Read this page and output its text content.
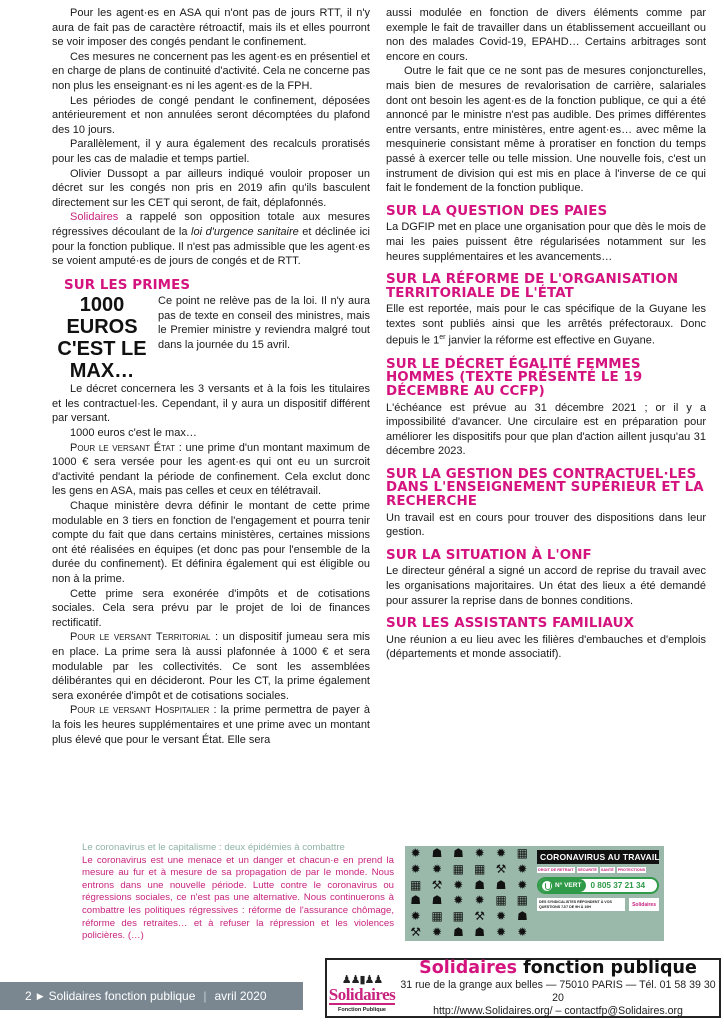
Pour les agent·es en ASA qui n'ont pas de jours RTT, il n'y aura de fait pas de caractère rétroactif, mais ils et elles pourront se voir imposer des congés pendant le confinement.

Ces mesures ne concernent pas les agent·es en présentiel et en charge de plans de continuité d'activité. Cela ne concerne pas non plus les enseignant·es ni les agent·es de la FPH.

Les périodes de congé pendant le confinement, déposées antérieurement et non annulées seront décomptées du plafond des 10 jours.

Parallèlement, il y aura également des recalculs proratisés pour les cas de maladie et temps partiel.

Olivier Dussopt a par ailleurs indiqué vouloir proposer un décret sur les congés non pris en 2019 afin qu'ils basculent directement sur les CET qui seront, de fait, déplafonnés.

Solidaires a rappelé son opposition totale aux mesures régressives découlant de la loi d'urgence sanitaire et déclinée ici pour la fonction publique. Il n'est pas admissible que les agent·es se voient amputé·es de jours de congés et de RTT.

SUR LES PRIMES
1000 EUROS C'EST LE MAX…
Ce point ne relève pas de la loi. Il n'y aura pas de texte en conseil des ministres, mais le Premier ministre y reviendra malgré tout dans la journée du 15 avril.

Le décret concernera les 3 versants et à la fois les titulaires et les contractuel·les. Cependant, il y aura un dispositif différent par versant.

1000 euros c'est le max…

Pour le versant État : une prime d'un montant maximum de 1000 € sera versée pour les agent·es qui ont eu un surcroit d'activité pendant la période de confinement. Cela exclut donc les gens en ASA, mais pas celles et ceux en télétravail.

Chaque ministère devra définir le montant de cette prime modulable en 3 tiers en fonction de l'engagement et pourra tenir compte du fait que dans certains ministères, certaines missions ont été réalisées en équipes (et donc pas pour l'ensemble de la durée du confinement). Et définira également qui est éligible ou non à la prime.

Cette prime sera exonérée d'impôts et de cotisations sociales. Cela sera prévu par le projet de loi de finances rectificatif.

Pour le versant Territorial : un dispositif jumeau sera mis en place. La prime sera là aussi plafonnée à 1000 € et sera modulable par les collectivités. Ce sont les assemblées délibérantes qui en décideront. Pour les CT, la prime également sera exonérée d'impôt et de cotisations sociales.

Pour le versant Hospitalier : la prime permettra de payer à la fois les heures supplémentaires et une prime avec un montant plus élevé que pour le versant État. Elle sera

aussi modulée en fonction de divers éléments comme par exemple le fait de travailler dans un établissement accueillant ou non des malades Covid-19, EPAHD… Certains arbitrages sont encore en cours.

Outre le fait que ce ne sont pas de mesures conjoncturelles, mais bien de mesures de revalorisation de carrière, salariales dont ont besoin les agent·es de la fonction publique, ce qui a été annoncé par le ministre n'est pas audible. Des primes différentes entre versants, entre ministères, entre agent·es… avec même la mesquinerie consistant même à proratiser en fonction du temps passé à exercer telle ou telle mission. Une nouvelle fois, c'est un instrument de division qui est mis en place à l'inverse de ce qui fait le fondement de la fonction publique.

SUR LA QUESTION DES PAIES

La DGFIP met en place une organisation pour que dès le mois de mai les paies puissent être régularisées notamment sur les heures supplémentaires et les avancements…

SUR LA RÉFORME DE L'ORGANISATION TERRITORIALE DE L'ÉTAT

Elle est reportée, mais pour le cas spécifique de la Guyane les textes sont publiés ainsi que les arrêtés préfectoraux. Donc depuis le 1er janvier la réforme est effective en Guyane.

SUR LE DÉCRET ÉGALITÉ FEMMES HOMMES (TEXTE PRÉSENTÉ LE 19 DÉCEMBRE AU CCFP)

L'échéance est prévue au 31 décembre 2021 ; or il y a impossibilité d'avancer. Une circulaire est en préparation pour améliorer les dispositifs pour que plan d'action aillent jusqu'au 31 décembre 2023.

SUR LA GESTION DES CONTRACTUEL·LES DANS L'ENSEIGNEMENT SUPÉRIEUR ET LA RECHERCHE

Un travail est en cours pour trouver des dispositions dans leur gestion.

SUR LA SITUATION À L'ONF

Le directeur général a signé un accord de reprise du travail avec les organisations majoritaires. Un état des lieux a été demandé pour assurer la reprise dans de bonnes conditions.

SUR LES ASSISTANTS FAMILIAUX

Une réunion a eu lieu avec les filières d'embauches et d'emplois (départements et monde associatif).

Le coronavirus et le capitalisme : deux épidémies à combattre
Le coronavirus est une menace et un danger et chacun·e en prend la mesure au fur et à mesure de sa propagation de par le monde. Nous entrons dans une nouvelle période. Lutte contre le coronavirus ou régressions sociales, ce n'est pas une alternative. Nous continuerons à combattre les politiques régressives : réforme de l'assurance chômage, réforme des retraites… et à refuser la répression et les violences policières. (…)
✹ ☗ ☗ ✹ ✹ ▦
✹ ✹ ▦ ▦ ⚒ ✹
▦ ⚒ ✹ ☗ ☗ ✹
☗ ☗ ✹ ✹ ▦ ▦
✹ ▦ ▦ ⚒ ✹ ☗
⚒ ✹ ☗ ☗ ✹ ✹
CORONAVIRUS AU TRAVAIL
DROIT DE RETRAIT SÉCURITÉ SANTÉ PROTECTIONS
N° VERT	0 805 37 21 34
DES SYNDICALISTES RÉPONDENT À VOS QUESTIONS 7J/7 DE 9H À 19H	Solidaires
2 ▶ Solidaires fonction publique | avril 2020
♟♟▮♟♟
Solidaires
Fonction Publique
Solidaires fonction publique
31 rue de la grange aux belles — 75010 PARIS — Tél. 01 58 39 30 20
http://www.Solidaires.org/ – contactfp@Solidaires.org
